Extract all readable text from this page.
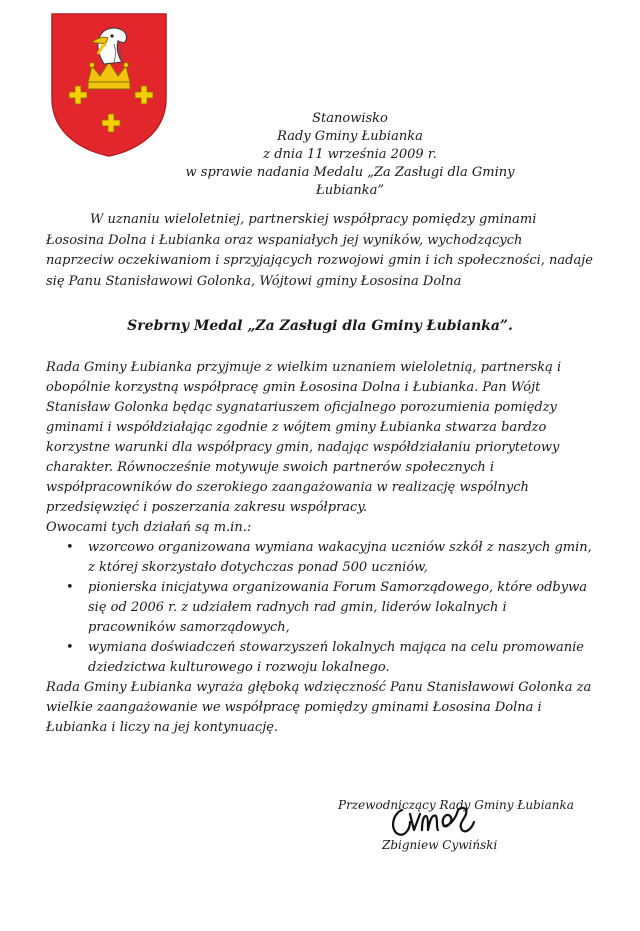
Stanowisko
Rady Gminy Łubianka
z dnia 11 września 2009 r.
w sprawie nadania Medalu „Za Zasługi dla Gminy Łubianka”

W uznaniu wieloletniej, partnerskiej współpracy pomiędzy gminami Łososina Dolna i Łubianka oraz wspaniałych jej wyników, wychodzących naprzeciw oczekiwaniom i sprzyjających rozwojowi gmin i ich społeczności, nadaje się Panu Stanisławowi Golonka, Wójtowi gminy Łososina Dolna

Srebrny Medal „Za Zasługi dla Gminy Łubianka”.

Rada Gminy Łubianka przyjmuje z wielkim uznaniem wieloletnią, partnerską i obopólnie korzystną współpracę gmin Łososina Dolna i Łubianka. Pan Wójt Stanisław Golonka będąc sygnatariuszem oficjalnego porozumienia pomiędzy gminami i współdziałając zgodnie z wójtem gminy Łubianka stwarza bardzo korzystne warunki dla współpracy gmin, nadając współdziałaniu priorytetowy charakter. Równocześnie motywuje swoich partnerów społecznych i współpracowników do szerokiego zaangażowania w realizację wspólnych przedsięwzięć i poszerzania zakresu współpracy.

Owocami tych działań są m.in.:

• wzorcowo organizowana wymiana wakacyjna uczniów szkół z naszych gmin, z której skorzystało dotychczas ponad 500 uczniów,
• pionierska inicjatywa organizowania Forum Samorządowego, które odbywa się od 2006 r. z udziałem radnych rad gmin, liderów lokalnych i pracowników samorządowych,
• wymiana doświadczeń stowarzyszeń lokalnych mająca na celu promowanie dziedzictwa kulturowego i rozwoju lokalnego.

Rada Gminy Łubianka wyraża głęboką wdzięczność Panu Stanisławowi Golonka za wielkie zaangażowanie we współpracę pomiędzy gminami Łososina Dolna i Łubianka i liczy na jej kontynuację.

Przewodniczący Rady Gminy Łubianka
Zbigniew Cywiński
